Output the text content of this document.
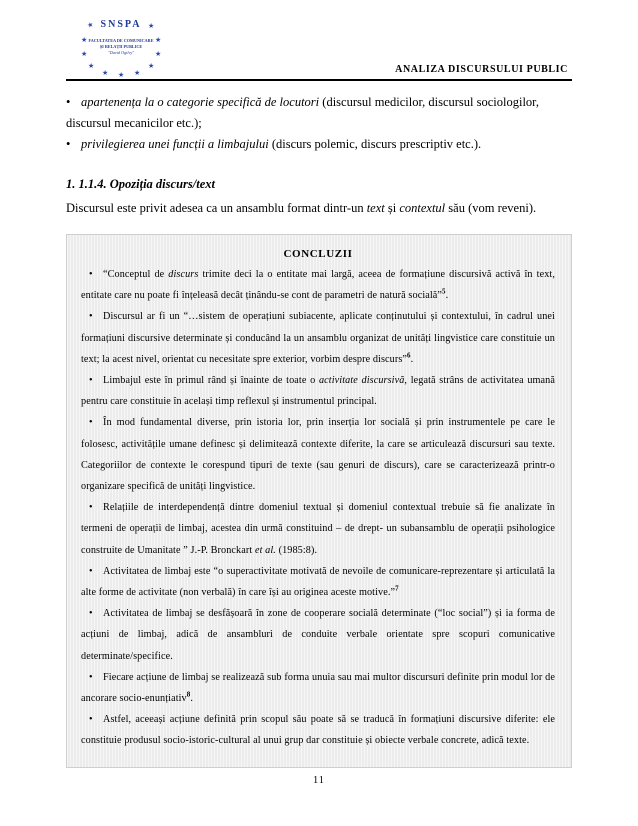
★
★
★
★
★ ★ ★
★
★
★
★
SNSPA
FACULTATEA DE COMUNICARE
ȘI RELAȚII PUBLICE
"David Ogilvy"
ANALIZA DISCURSULUI PUBLIC
• apartenența la o categorie specifică de locutori (discursul medicilor, discursul sociologilor, discursul mecanicilor etc.);
• privilegierea unei funcții a limbajului (discurs polemic, discurs prescriptiv etc.).
1. 1.1.4. Opoziția discurs/text
Discursul este privit adesea ca un ansamblu format dintr-un text și contextul său (vom reveni).
CONCLUZII
• “Conceptul de discurs trimite deci la o entitate mai largă, aceea de formațiune discursivă activă în text, entitate care nu poate fi înțeleasă decât ținându-se cont de parametri de natură socială”$^5$.
• Discursul ar fi un “…sistem de operațiuni subiacente, aplicate conținutului și contextului, în cadrul unei formațiuni discursive determinate și conducând la un ansamblu organizat de unități lingvistice care constituie un text; la acest nivel, orientat cu necesitate spre exterior, vorbim despre discurs”$^6$.
• Limbajul este în primul rând și înainte de toate o activitate discursivă, legată strâns de activitatea umană pentru care constituie în același timp reflexul și instrumentul principal.
• În mod fundamental diverse, prin istoria lor, prin inserția lor socială și prin instrumentele pe care le folosesc, activitățile umane definesc și delimitează contexte diferite, la care se articulează discursuri sau texte. Categoriilor de contexte le corespund tipuri de texte (sau genuri de discurs), care se caracterizează printr-o organizare specifică de unități lingvistice.
• Relațiile de interdependență dintre domeniul textual și domeniul contextual trebuie să fie analizate în termeni de operații de limbaj, acestea din urmă constituind – de drept- un subansamblu de operații psihologice construite de Umanitate ” J.-P. Bronckart et al. (1985:8).
• Activitatea de limbaj este “o superactivitate motivată de nevoile de comunicare-reprezentare și articulată la alte forme de activitate (non verbală) în care își au originea aceste motive.”$^7$
• Activitatea de limbaj se desfășoară în zone de cooperare socială determinate (“loc social”) și ia forma de acțiuni de limbaj, adică de ansambluri de conduite verbale orientate spre scopuri comunicative determinate/specifice.
• Fiecare acțiune de limbaj se realizează sub forma unuia sau mai multor discursuri definite prin modul lor de ancorare socio-enunțiativ$^8$.
• Astfel, aceeași acțiune definită prin scopul său poate să se traducă în formațiuni discursive diferite: ele constituie produsul socio-istoric-cultural al unui grup dar constituie și obiecte verbale concrete, adică texte.
11
